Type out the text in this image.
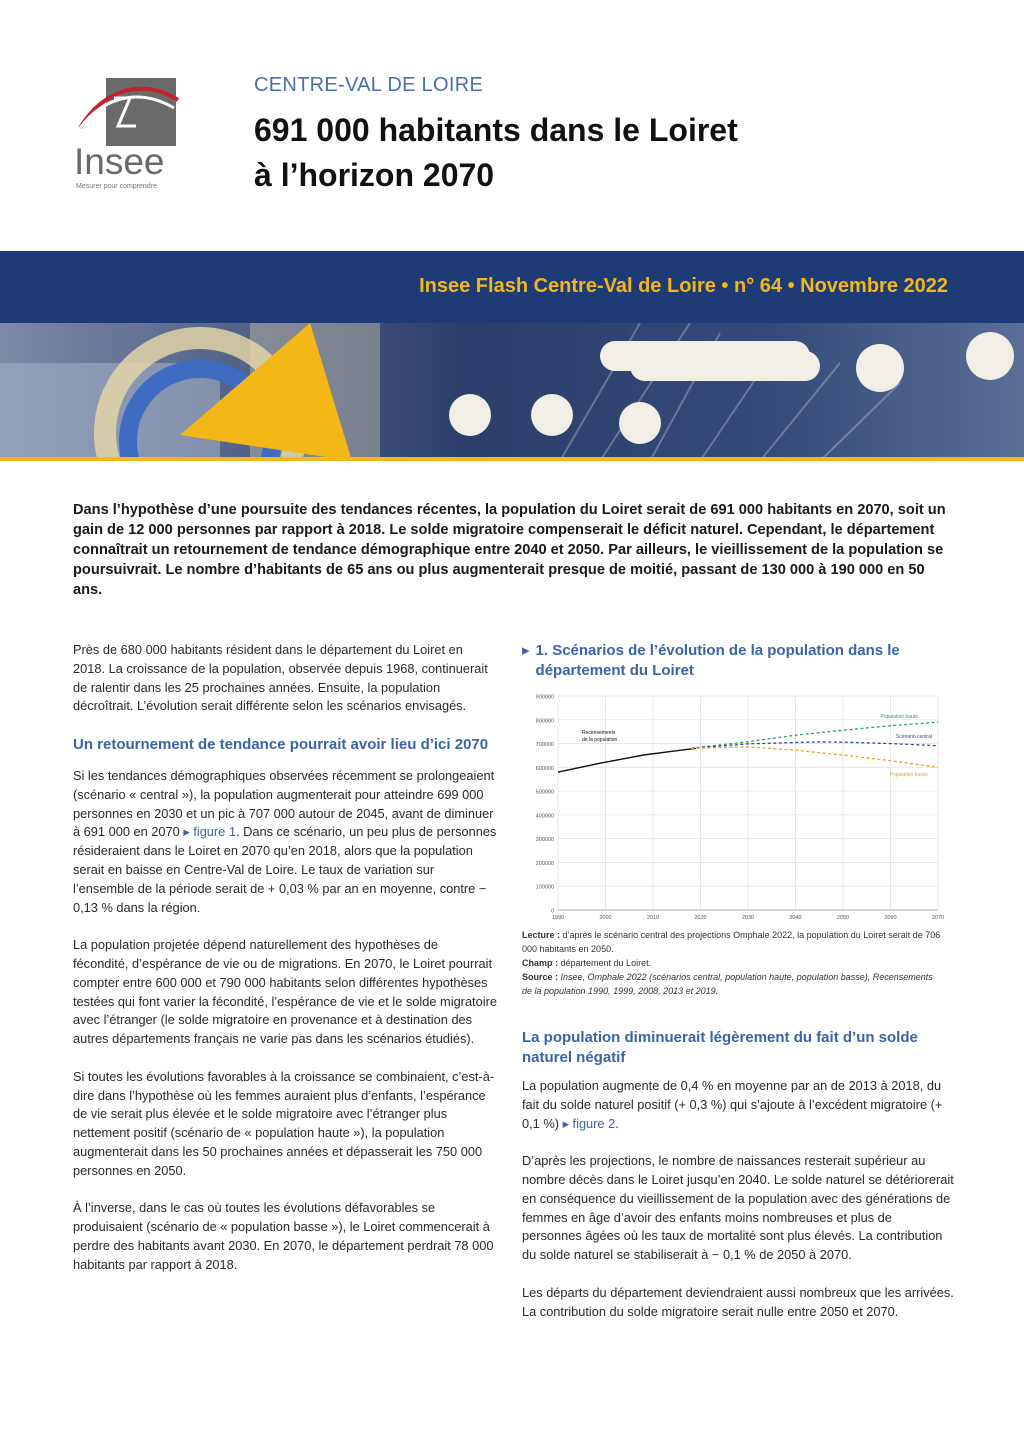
Insee
Mesurer pour comprendre
CENTRE-VAL DE LOIRE
691 000 habitants dans le Loiret
à l’horizon 2070
Insee Flash Centre-Val de Loire • n° 64 • Novembre 2022

Dans l’hypothèse d’une poursuite des tendances récentes, la population du Loiret serait de 691 000 habitants en 2070, soit un gain de 12 000 personnes par rapport à 2018. Le solde migratoire compenserait le déficit naturel. Cependant, le département connaîtrait un retournement de tendance démographique entre 2040 et 2050. Par ailleurs, le vieillissement de la population se poursuivrait. Le nombre d’habitants de 65 ans ou plus augmenterait presque de moitié, passant de 130 000 à 190 000 en 50 ans.

Près de 680 000 habitants résident dans le département du Loiret en 2018. La croissance de la population, observée depuis 1968, continuerait de ralentir dans les 25 prochaines années. Ensuite, la population décroîtrait. L’évolution serait différente selon les scénarios envisagés.

Un retournement de tendance pourrait avoir lieu d’ici 2070

Si les tendances démographiques observées récemment se prolongeaient (scénario « central »), la population augmenterait pour atteindre 699 000 personnes en 2030 et un pic à 707 000 autour de 2045, avant de diminuer à 691 000 en 2070 ▸ figure 1. Dans ce scénario, un peu plus de personnes résideraient dans le Loiret en 2070 qu’en 2018, alors que la population serait en baisse en Centre-Val de Loire. Le taux de variation sur l’ensemble de la période serait de + 0,03 % par an en moyenne, contre − 0,13 % dans la région.

La population projetée dépend naturellement des hypothèses de fécondité, d’espérance de vie ou de migrations. En 2070, le Loiret pourrait compter entre 600 000 et 790 000 habitants selon différentes hypothèses testées qui font varier la fécondité, l’espérance de vie et le solde migratoire avec l’étranger (le solde migratoire en provenance et à destination des autres départements français ne varie pas dans les scénarios étudiés).

Si toutes les évolutions favorables à la croissance se combinaient, c’est-à-dire dans l’hypothèse où les femmes auraient plus d’enfants, l’espérance de vie serait plus élevée et le solde migratoire avec l’étranger plus nettement positif (scénario de « population haute »), la population augmenterait dans les 50 prochaines années et dépasserait les 750 000 personnes en 2050.

À l’inverse, dans le cas où toutes les évolutions défavorables se produisaient (scénario de « population basse »), le Loiret commencerait à perdre des habitants avant 2030. En 2070, le département perdrait 78 000 habitants par rapport à 2018.

▸ 1. Scénarios de l’évolution de la population dans le département du Loiret
0
100000
200000
300000
400000
500000
600000
700000
800000
900000
1990	2000	2010	2020	2030	2040	2050	2060	2070
Recensements de la population
Population haute
Scénario central
Population basse
Lecture : d’après le scénario central des projections Omphale 2022, la population du Loiret serait de 706 000 habitants en 2050.
Champ : département du Loiret.
Source : Insee, Omphale 2022 (scénarios central, population haute, population basse), Recensements de la population 1990, 1999, 2008, 2013 et 2019.
La population diminuerait légèrement du fait d’un solde naturel négatif

La population augmente de 0,4 % en moyenne par an de 2013 à 2018, du fait du solde naturel positif (+ 0,3 %) qui s’ajoute à l’excédent migratoire (+ 0,1 %) ▸ figure 2.

D’après les projections, le nombre de naissances resterait supérieur au nombre décès dans le Loiret jusqu’en 2040. Le solde naturel se détériorerait en conséquence du vieillissement de la population avec des générations de femmes en âge d’avoir des enfants moins nombreuses et plus de personnes âgées où les taux de mortalité sont plus élevés. La contribution du solde naturel se stabiliserait à − 0,1 % de 2050 à 2070.

Les départs du département deviendraient aussi nombreux que les arrivées. La contribution du solde migratoire serait nulle entre 2050 et 2070.
